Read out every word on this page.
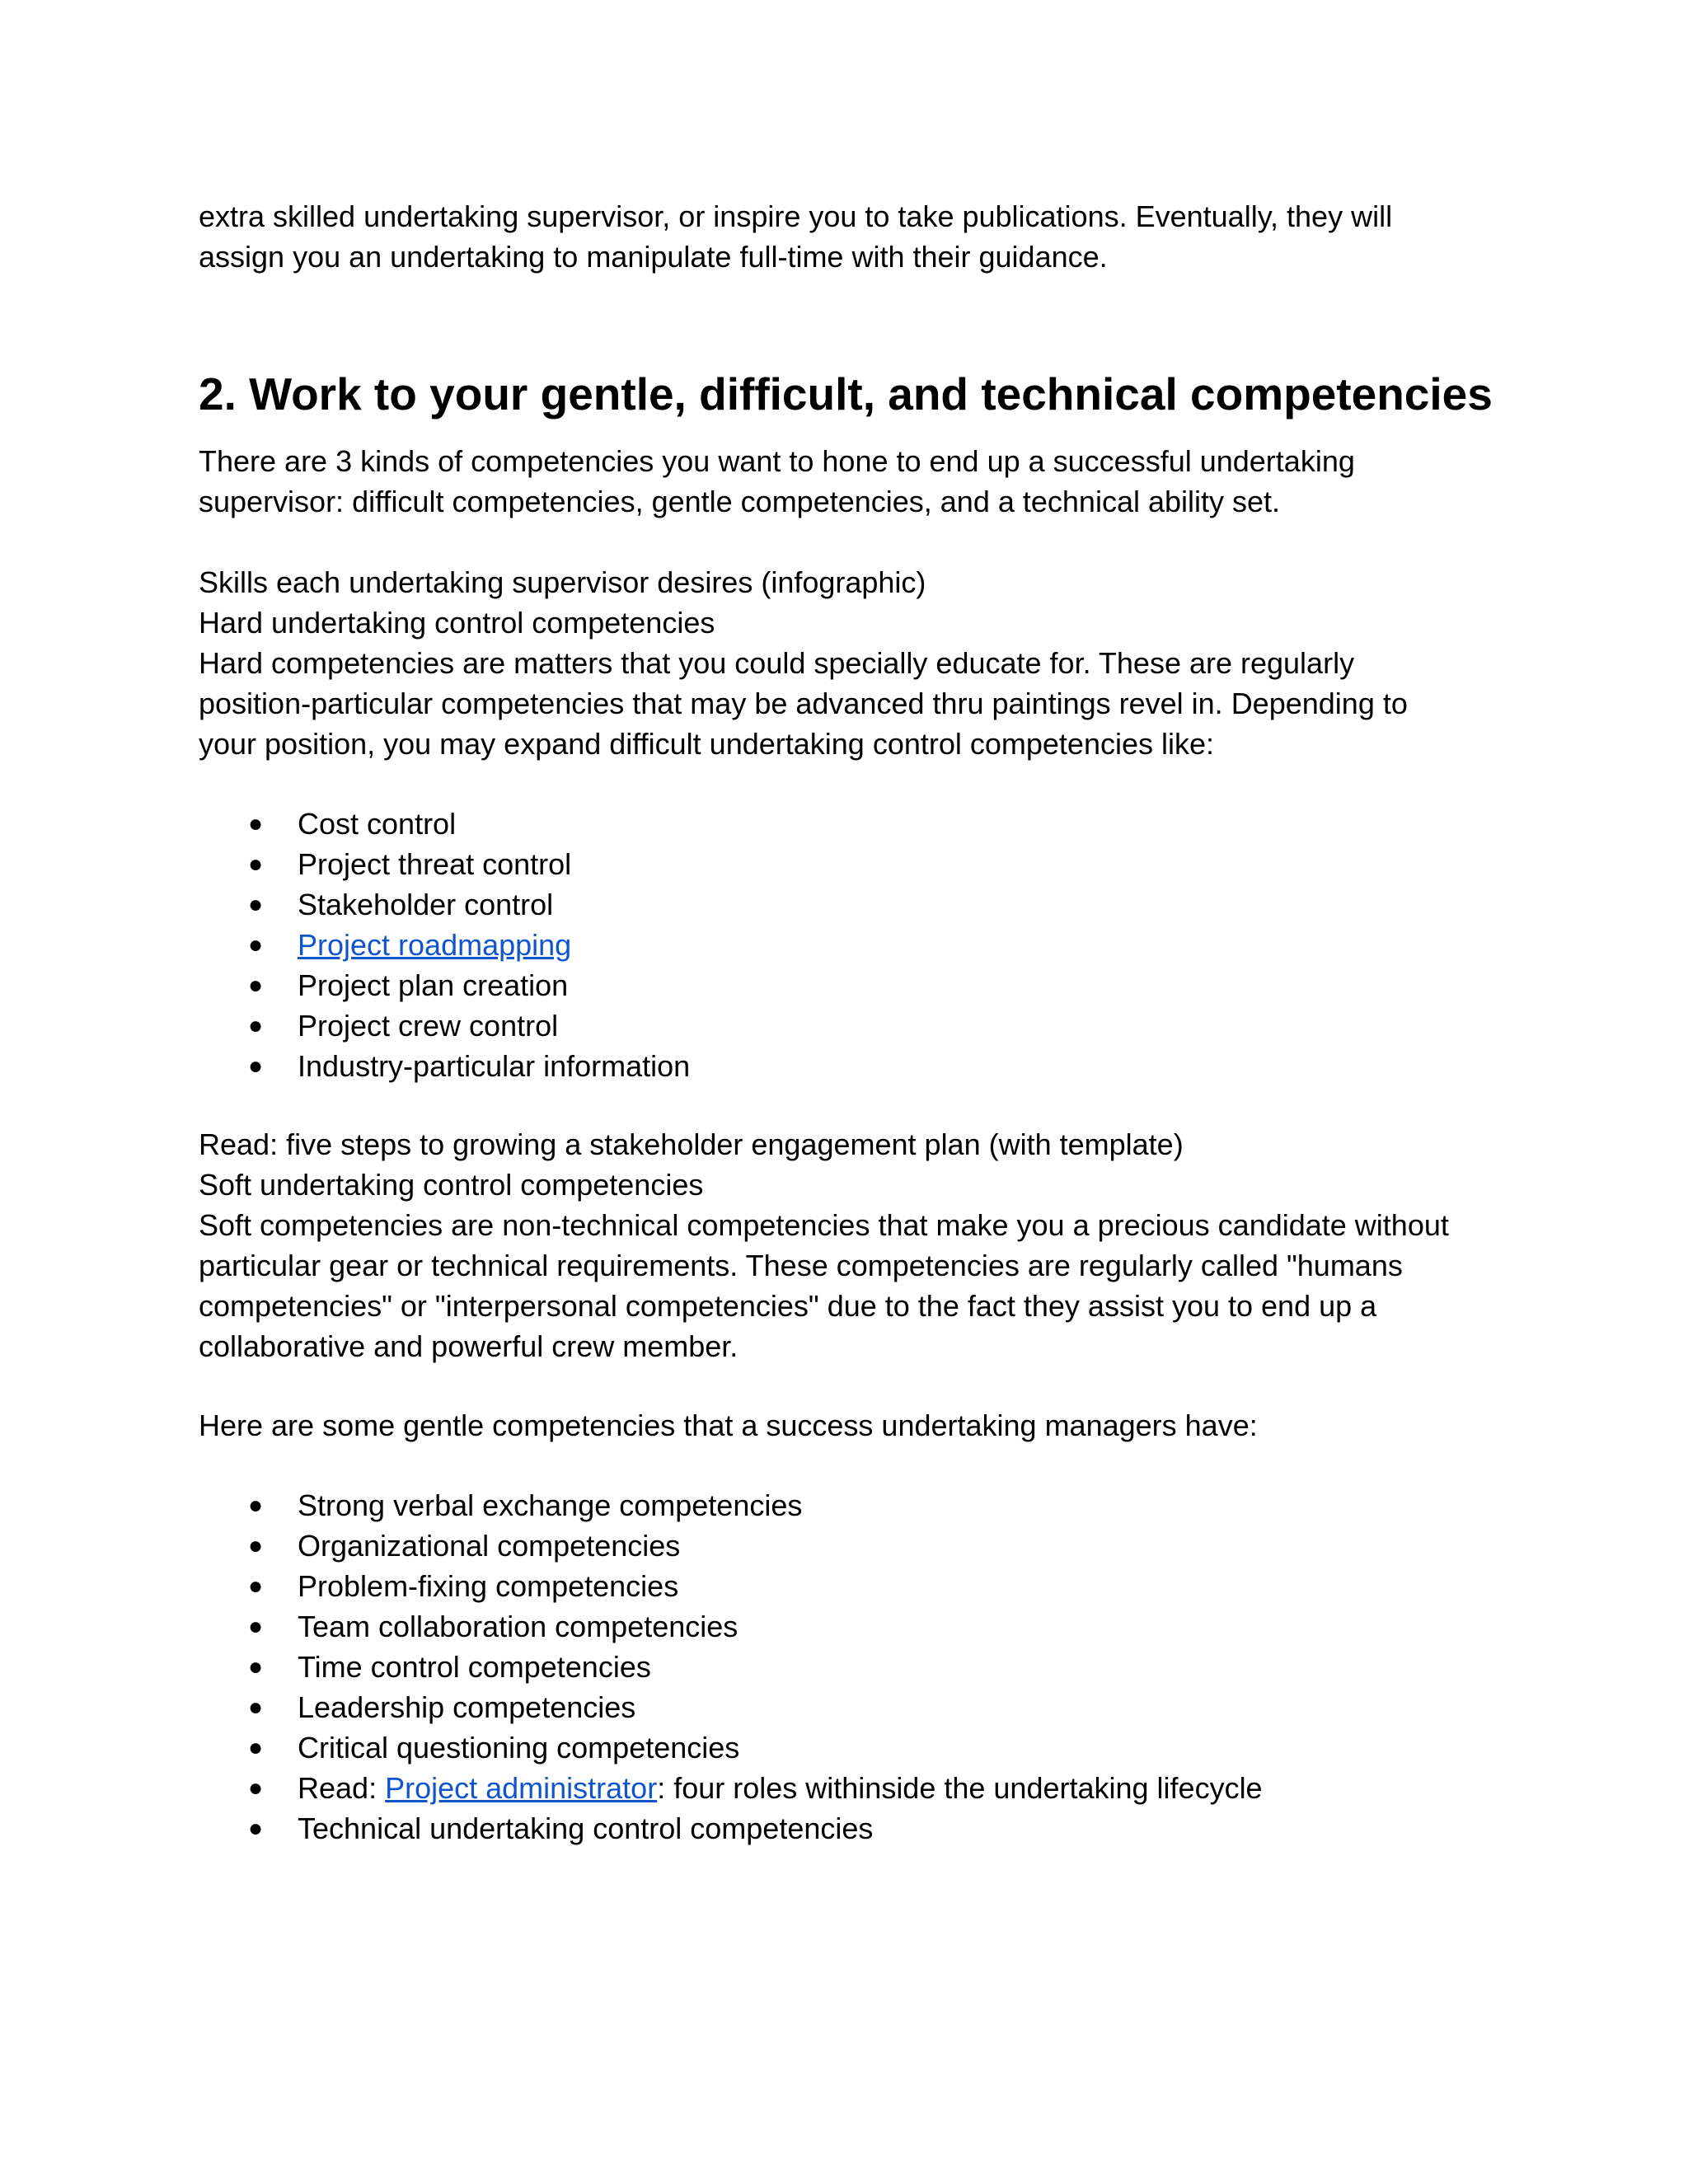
extra skilled undertaking supervisor, or inspire you to take publications. Eventually, they will
assign you an undertaking to manipulate full-time with their guidance.
2. Work to your gentle, difficult, and technical competencies
There are 3 kinds of competencies you want to hone to end up a successful undertaking
supervisor: difficult competencies, gentle competencies, and a technical ability set.
Skills each undertaking supervisor desires (infographic)
Hard undertaking control competencies
Hard competencies are matters that you could specially educate for. These are regularly
position-particular competencies that may be advanced thru paintings revel in. Depending to
your position, you may expand difficult undertaking control competencies like:
● Cost control
● Project threat control
● Stakeholder control
● Project roadmapping
● Project plan creation
● Project crew control
● Industry-particular information
Read: five steps to growing a stakeholder engagement plan (with template)
Soft undertaking control competencies
Soft competencies are non-technical competencies that make you a precious candidate without
particular gear or technical requirements. These competencies are regularly called "humans
competencies" or "interpersonal competencies" due to the fact they assist you to end up a
collaborative and powerful crew member.
Here are some gentle competencies that a success undertaking managers have:
● Strong verbal exchange competencies
● Organizational competencies
● Problem-fixing competencies
● Team collaboration competencies
● Time control competencies
● Leadership competencies
● Critical questioning competencies
● Read: Project administrator: four roles withinside the undertaking lifecycle
● Technical undertaking control competencies
